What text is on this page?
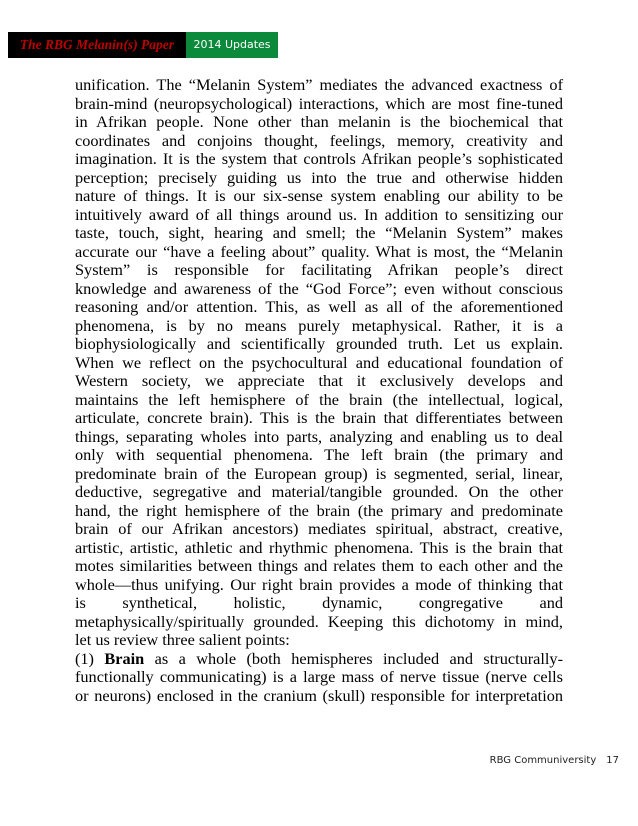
The RBG Melanin(s) Paper	2014 Updates
unification. The “Melanin System” mediates the advanced exactness of
brain-mind (neuropsychological) interactions, which are most fine-tuned
in Afrikan people. None other than melanin is the biochemical that
coordinates and conjoins thought, feelings, memory, creativity and
imagination. It is the system that controls Afrikan people’s sophisticated
perception; precisely guiding us into the true and otherwise hidden
nature of things. It is our six-sense system enabling our ability to be
intuitively award of all things around us. In addition to sensitizing our
taste, touch, sight, hearing and smell; the “Melanin System” makes
accurate our “have a feeling about” quality. What is most, the “Melanin
System” is responsible for facilitating Afrikan people’s direct
knowledge and awareness of the “God Force”; even without conscious
reasoning and/or attention. This, as well as all of the aforementioned
phenomena, is by no means purely metaphysical. Rather, it is a
biophysiologically and scientifically grounded truth. Let us explain.
When we reflect on the psychocultural and educational foundation of
Western society, we appreciate that it exclusively develops and
maintains the left hemisphere of the brain (the intellectual, logical,
articulate, concrete brain). This is the brain that differentiates between
things, separating wholes into parts, analyzing and enabling us to deal
only with sequential phenomena. The left brain (the primary and
predominate brain of the European group) is segmented, serial, linear,
deductive, segregative and material/tangible grounded. On the other
hand, the right hemisphere of the brain (the primary and predominate
brain of our Afrikan ancestors) mediates spiritual, abstract, creative,
artistic, artistic, athletic and rhythmic phenomena. This is the brain that
motes similarities between things and relates them to each other and the
whole—thus unifying. Our right brain provides a mode of thinking that
is synthetical, holistic, dynamic, congregative and
metaphysically/spiritually grounded. Keeping this dichotomy in mind,
let us review three salient points:
(1) Brain as a whole (both hemispheres included and structurally-
functionally communicating) is a large mass of nerve tissue (nerve cells
or neurons) enclosed in the cranium (skull) responsible for interpretation
RBG Communiversity 17
